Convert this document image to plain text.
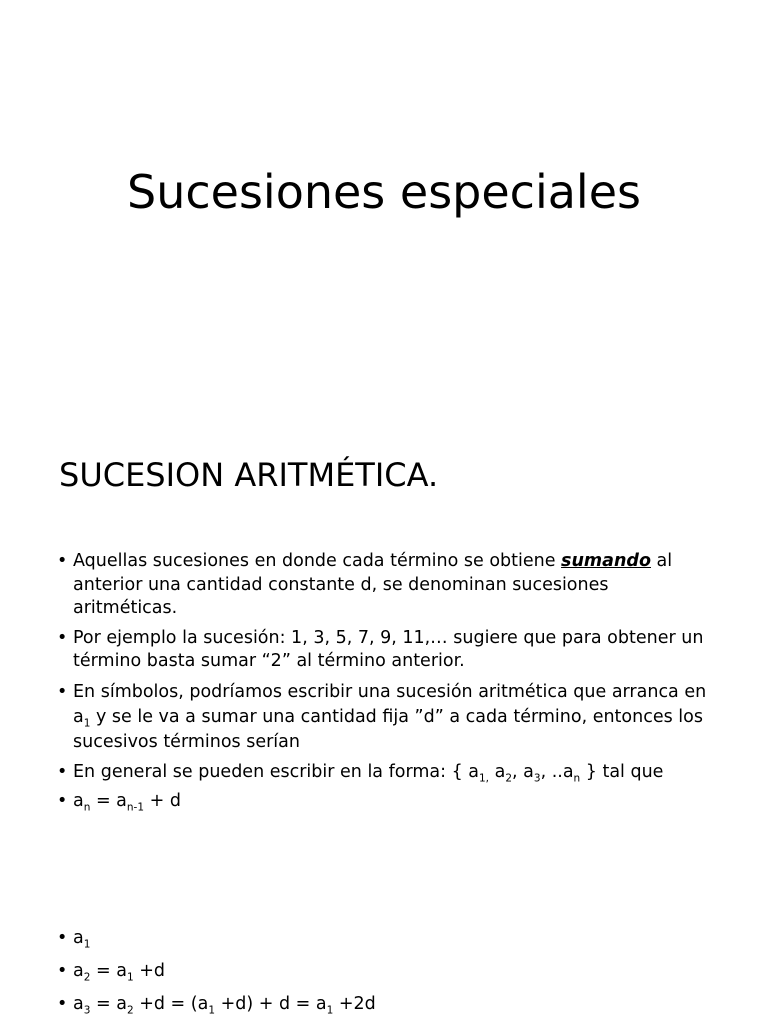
Sucesiones especiales
SUCESION ARITMÉTICA.
• Aquellas sucesiones en donde cada término se obtiene sumando al anterior una cantidad constante d, se denominan sucesiones aritméticas.
• Por ejemplo la sucesión: 1, 3, 5, 7, 9, 11,… sugiere que para obtener un término basta sumar “2” al término anterior.
• En símbolos, podríamos escribir una sucesión aritmética que arranca en $a_1$ y se le va a sumar una cantidad fija ”d” a cada término, entonces los sucesivos términos serían
• En general se pueden escribir en la forma: { $a_{1,}$ $a_2$, $a_3$, $..a_n$ } tal que
• $a_n = a_{n-1} + d$
• $a_1$
• $a_2 = a_1 +d$
• $a_3 = a_2 +d = (a_1 +d) + d = a_1 +2d$
